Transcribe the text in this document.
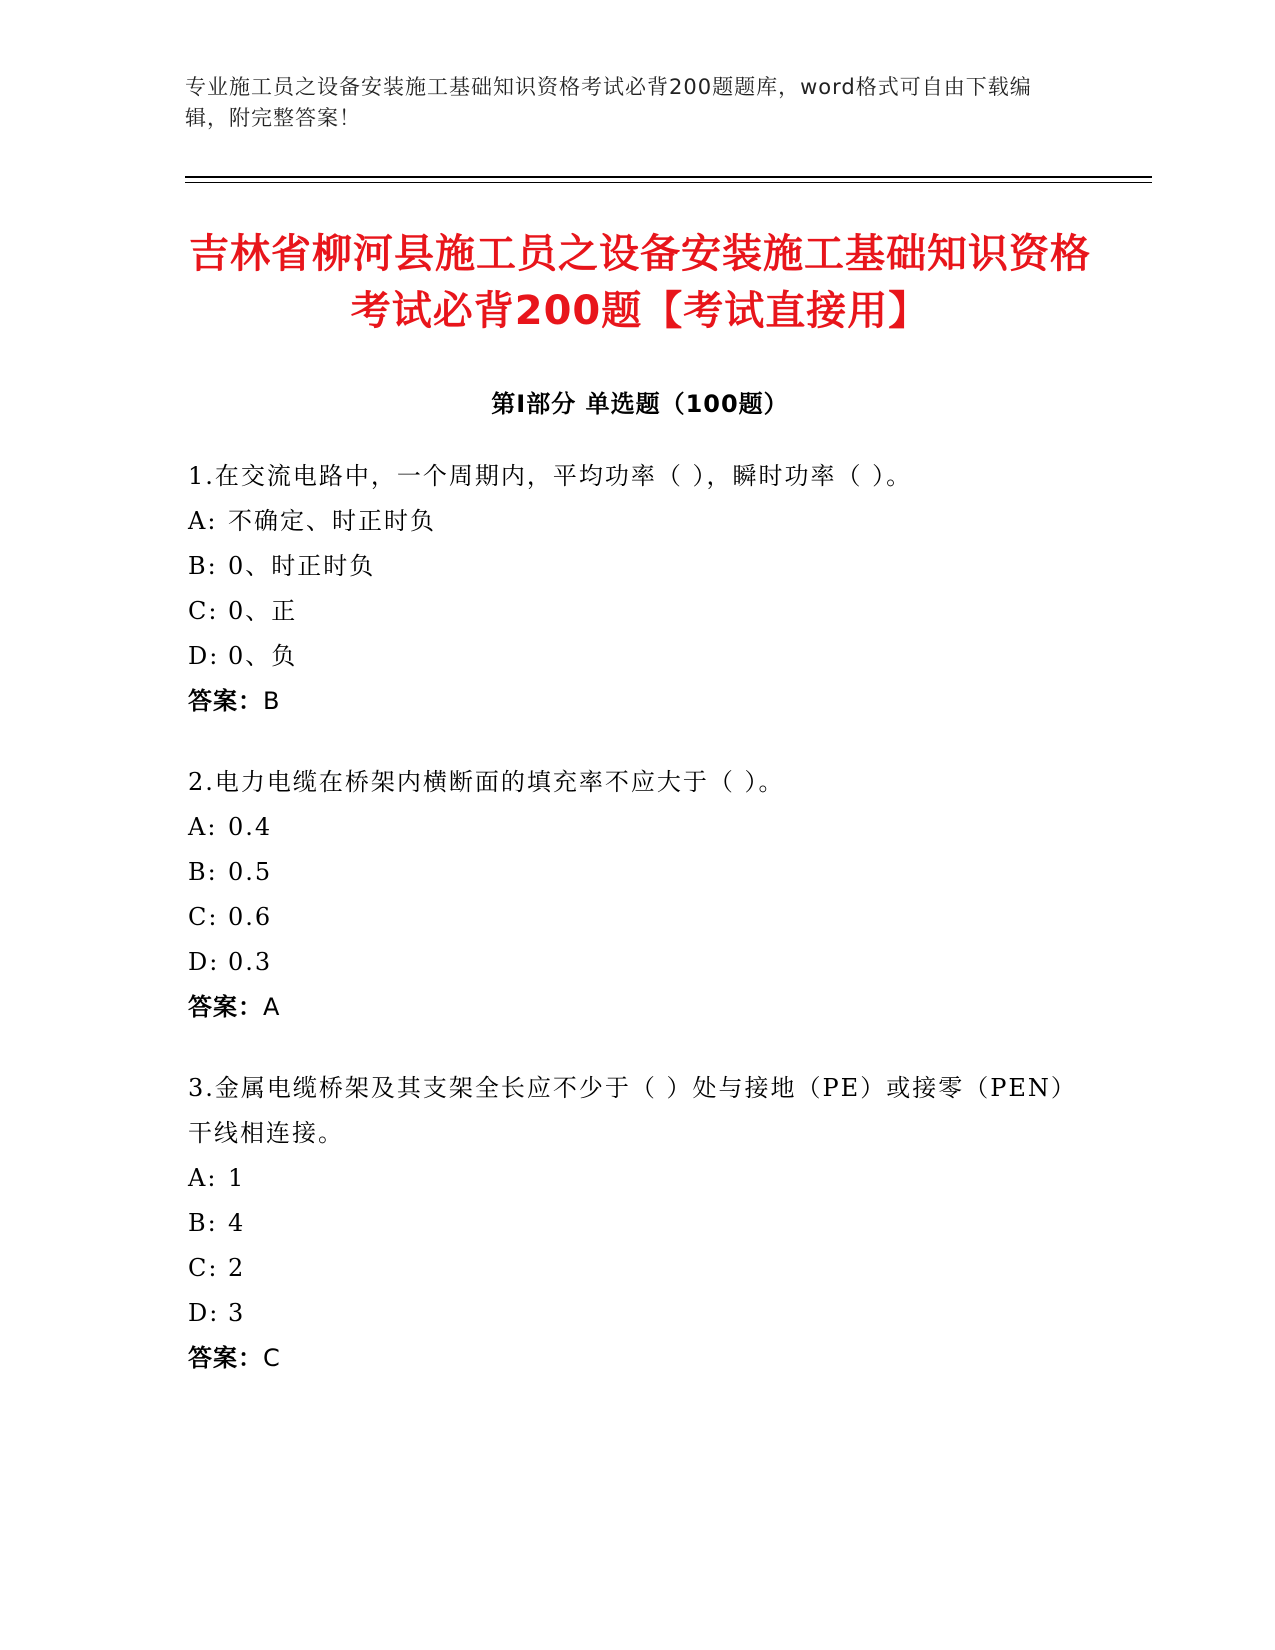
专业施工员之设备安装施工基础知识资格考试必背200题题库，word格式可自由下载编辑，附完整答案！
吉林省柳河县施工员之设备安装施工基础知识资格考试必背200题【考试直接用】
第Ⅰ部分 单选题（100题）
1.在交流电路中，一个周期内，平均功率（ ），瞬时功率（ ）。
A: 不确定、时正时负
B: 0、时正时负
C: 0、正
D: 0、负
答案：B
2.电力电缆在桥架内横断面的填充率不应大于（ ）。
A: 0.4
B: 0.5
C: 0.6
D: 0.3
答案：A
3.金属电缆桥架及其支架全长应不少于（ ）处与接地（PE）或接零（PEN）干线相连接。
A: 1
B: 4
C: 2
D: 3
答案：C
